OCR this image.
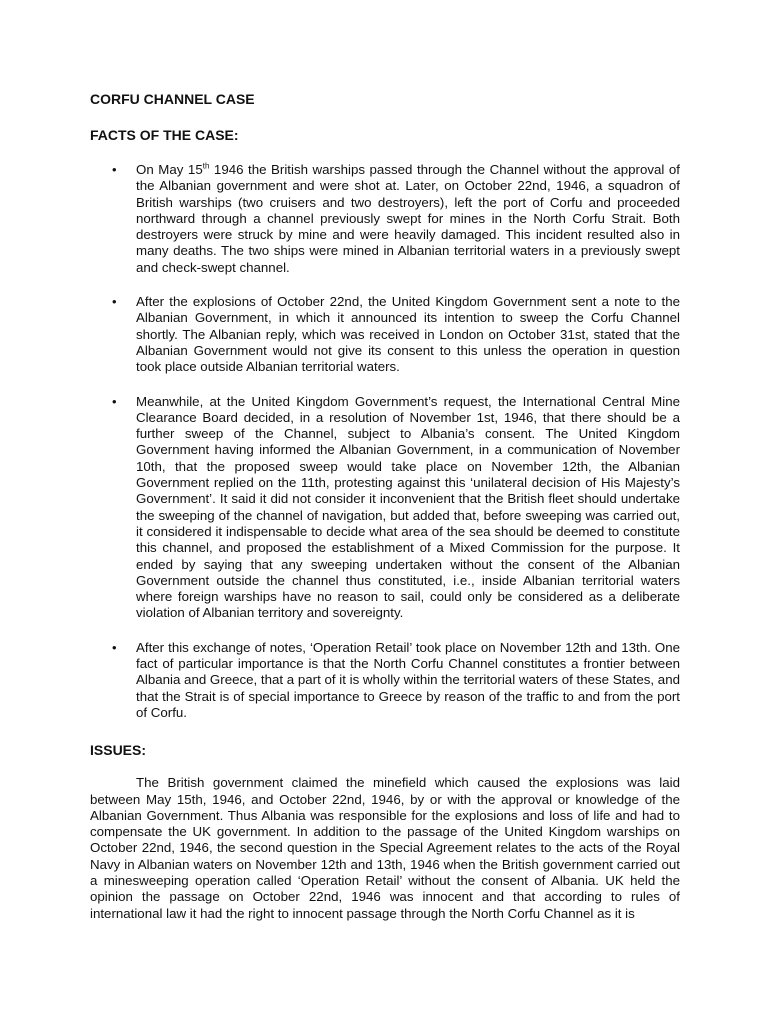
CORFU CHANNEL CASE

FACTS OF THE CASE:

• On May 15th 1946 the British warships passed through the Channel without the approval of the Albanian government and were shot at. Later, on October 22nd, 1946, a squadron of British warships (two cruisers and two destroyers), left the port of Corfu and proceeded northward through a channel previously swept for mines in the North Corfu Strait. Both destroyers were struck by mine and were heavily damaged. This incident resulted also in many deaths. The two ships were mined in Albanian territorial waters in a previously swept and check-swept channel.
• After the explosions of October 22nd, the United Kingdom Government sent a note to the Albanian Government, in which it announced its intention to sweep the Corfu Channel shortly. The Albanian reply, which was received in London on October 31st, stated that the Albanian Government would not give its consent to this unless the operation in question took place outside Albanian territorial waters.
• Meanwhile, at the United Kingdom Government’s request, the International Central Mine Clearance Board decided, in a resolution of November 1st, 1946, that there should be a further sweep of the Channel, subject to Albania’s consent. The United Kingdom Government having informed the Albanian Government, in a communication of November 10th, that the proposed sweep would take place on November 12th, the Albanian Government replied on the 11th, protesting against this ‘unilateral decision of His Majesty’s Government’. It said it did not consider it inconvenient that the British fleet should undertake the sweeping of the channel of navigation, but added that, before sweeping was carried out, it considered it indispensable to decide what area of the sea should be deemed to constitute this channel, and proposed the establishment of a Mixed Commission for the purpose. It ended by saying that any sweeping undertaken without the consent of the Albanian Government outside the channel thus constituted, i.e., inside Albanian territorial waters where foreign warships have no reason to sail, could only be considered as a deliberate violation of Albanian territory and sovereignty.
• After this exchange of notes, ‘Operation Retail’ took place on November 12th and 13th. One fact of particular importance is that the North Corfu Channel constitutes a frontier between Albania and Greece, that a part of it is wholly within the territorial waters of these States, and that the Strait is of special importance to Greece by reason of the traffic to and from the port of Corfu.

ISSUES:

The British government claimed the minefield which caused the explosions was laid between May 15th, 1946, and October 22nd, 1946, by or with the approval or knowledge of the Albanian Government. Thus Albania was responsible for the explosions and loss of life and had to compensate the UK government. In addition to the passage of the United Kingdom warships on October 22nd, 1946, the second question in the Special Agreement relates to the acts of the Royal Navy in Albanian waters on November 12th and 13th, 1946 when the British government carried out a minesweeping operation called ‘Operation Retail’ without the consent of Albania. UK held the opinion the passage on October 22nd, 1946 was innocent and that according to rules of international law it had the right to innocent passage through the North Corfu Channel as it is
